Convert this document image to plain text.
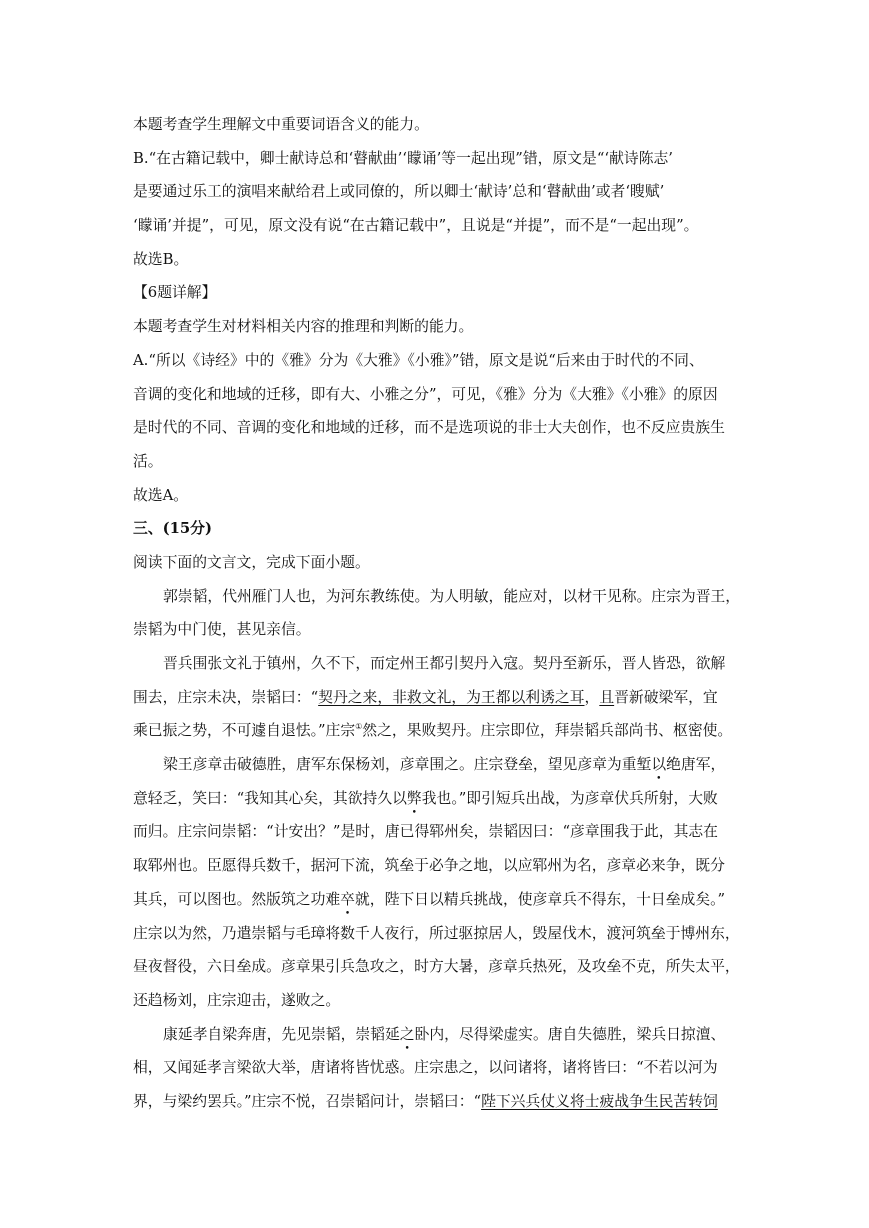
本题考查学生理解文中重要词语含义的能力。
B.“在古籍记载中，卿士献诗总和‘瞽献曲’‘矇诵’等一起出现”错，原文是“‘献诗陈志’
是要通过乐工的演唱来献给君上或同僚的，所以卿士‘献诗’总和‘瞽献曲’或者‘瞍赋’
‘矇诵’并提”，可见，原文没有说“在古籍记载中”，且说是“并提”，而不是“一起出现”。
故选B。
【6题详解】
本题考查学生对材料相关内容的推理和判断的能力。
A.“所以《诗经》中的《雅》分为《大雅》《小雅》”错，原文是说“后来由于时代的不同、
音调的变化和地域的迁移，即有大、小雅之分”，可见，《雅》分为《大雅》《小雅》的原因
是时代的不同、音调的变化和地域的迁移，而不是选项说的非士大夫创作，也不反应贵族生
活。
故选A。
三、(15分)
阅读下面的文言文，完成下面小题。
郭崇韬，代州雁门人也，为河东教练使。为人明敏，能应对，以材干见称。庄宗为晋王，
崇韬为中门使，甚见亲信。
晋兵围张文礼于镇州，久不下，而定州王都引契丹入寇。契丹至新乐，晋人皆恐，欲解
围去，庄宗未决，崇韬曰：“契丹之来，非救文礼，为王都以利诱之耳，且晋新破梁军，宜
乘已振之势，不可遽自退怯。”庄宗①然之，果败契丹。庄宗即位，拜崇韬兵部尚书、枢密使。
梁王彦章击破德胜，唐军东保杨刘，彦章围之。庄宗登垒，望见彦章为重堑以绝唐军，
意轻乏，笑曰：“我知其心矣，其欲持久以弊我也。”即引短兵出战，为彦章伏兵所射，大败
而归。庄宗问崇韬：“计安出？”是时，唐已得郓州矣，崇韬因曰：“彦章围我于此，其志在
取郓州也。臣愿得兵数千，据河下流，筑垒于必争之地，以应郓州为名，彦章必来争，既分
其兵，可以图也。然版筑之功难卒就，陛下日以精兵挑战，使彦章兵不得东，十日垒成矣。”
庄宗以为然，乃遣崇韬与毛璋将数千人夜行，所过驱掠居人，毁屋伐木，渡河筑垒于博州东，
昼夜督役，六日垒成。彦章果引兵急攻之，时方大暑，彦章兵热死，及攻垒不克，所失太平，
还趋杨刘，庄宗迎击，遂败之。
康延孝自梁奔唐，先见崇韬，崇韬延之卧内，尽得梁虚实。唐自失德胜，梁兵日掠澶、
相，又闻延孝言梁欲大举，唐诸将皆忧惑。庄宗患之，以问诸将，诸将皆曰：“不若以河为
界，与梁约罢兵。”庄宗不悦，召崇韬问计，崇韬曰：“陛下兴兵仗义将士疲战争生民苦转饲
